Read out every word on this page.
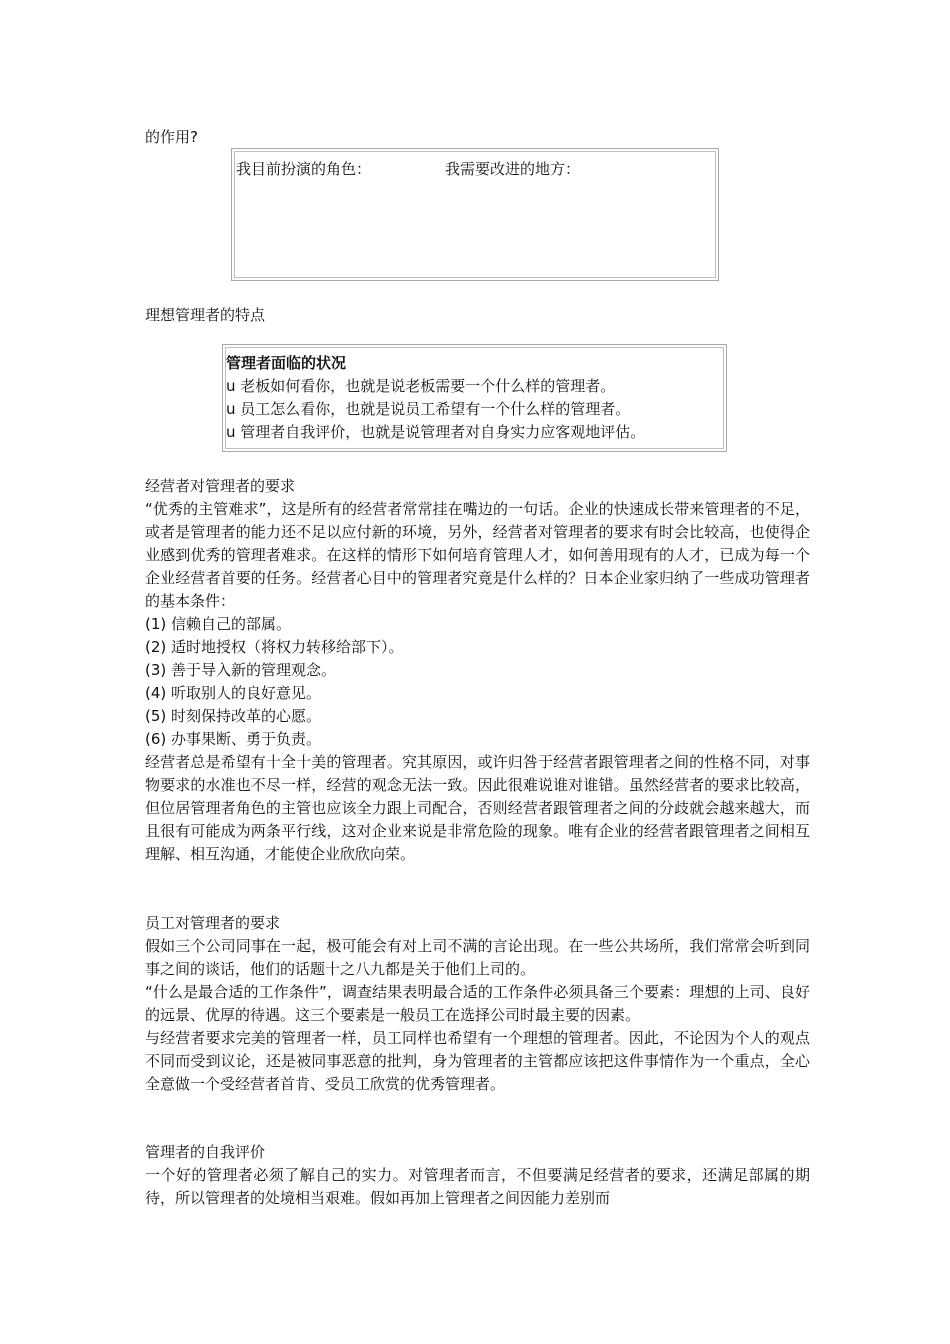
的作用?
我目前扮演的角色：	我需要改进的地方：
理想管理者的特点
管理者面临的状况
u 老板如何看你，也就是说老板需要一个什么样的管理者。
u 员工怎么看你，也就是说员工希望有一个什么样的管理者。
u 管理者自我评价，也就是说管理者对自身实力应客观地评估。

经营者对管理者的要求

“优秀的主管难求”，这是所有的经营者常常挂在嘴边的一句话。企业的快速成长带来管理者的不足，或者是管理者的能力还不足以应付新的环境，另外，经营者对管理者的要求有时会比较高，也使得企业感到优秀的管理者难求。在这样的情形下如何培育管理人才，如何善用现有的人才，已成为每一个企业经营者首要的任务。经营者心目中的管理者究竟是什么样的？日本企业家归纳了一些成功管理者的基本条件：

(1) 信赖自己的部属。

(2) 适时地授权（将权力转移给部下）。

(3) 善于导入新的管理观念。

(4) 听取别人的良好意见。

(5) 时刻保持改革的心愿。

(6) 办事果断、勇于负责。

经营者总是希望有十全十美的管理者。究其原因，或许归咎于经营者跟管理者之间的性格不同，对事物要求的水准也不尽一样，经营的观念无法一致。因此很难说谁对谁错。虽然经营者的要求比较高，但位居管理者角色的主管也应该全力跟上司配合，否则经营者跟管理者之间的分歧就会越来越大，而且很有可能成为两条平行线，这对企业来说是非常危险的现象。唯有企业的经营者跟管理者之间相互理解、相互沟通，才能使企业欣欣向荣。

员工对管理者的要求

假如三个公司同事在一起，极可能会有对上司不满的言论出现。在一些公共场所，我们常常会听到同事之间的谈话，他们的话题十之八九都是关于他们上司的。

“什么是最合适的工作条件”，调查结果表明最合适的工作条件必须具备三个要素：理想的上司、良好的远景、优厚的待遇。这三个要素是一般员工在选择公司时最主要的因素。

与经营者要求完美的管理者一样，员工同样也希望有一个理想的管理者。因此，不论因为个人的观点不同而受到议论，还是被同事恶意的批判，身为管理者的主管都应该把这件事情作为一个重点，全心全意做一个受经营者首肯、受员工欣赏的优秀管理者。

管理者的自我评价

一个好的管理者必须了解自己的实力。对管理者而言，不但要满足经营者的要求，还满足部属的期待，所以管理者的处境相当艰难。假如再加上管理者之间因能力差别而
